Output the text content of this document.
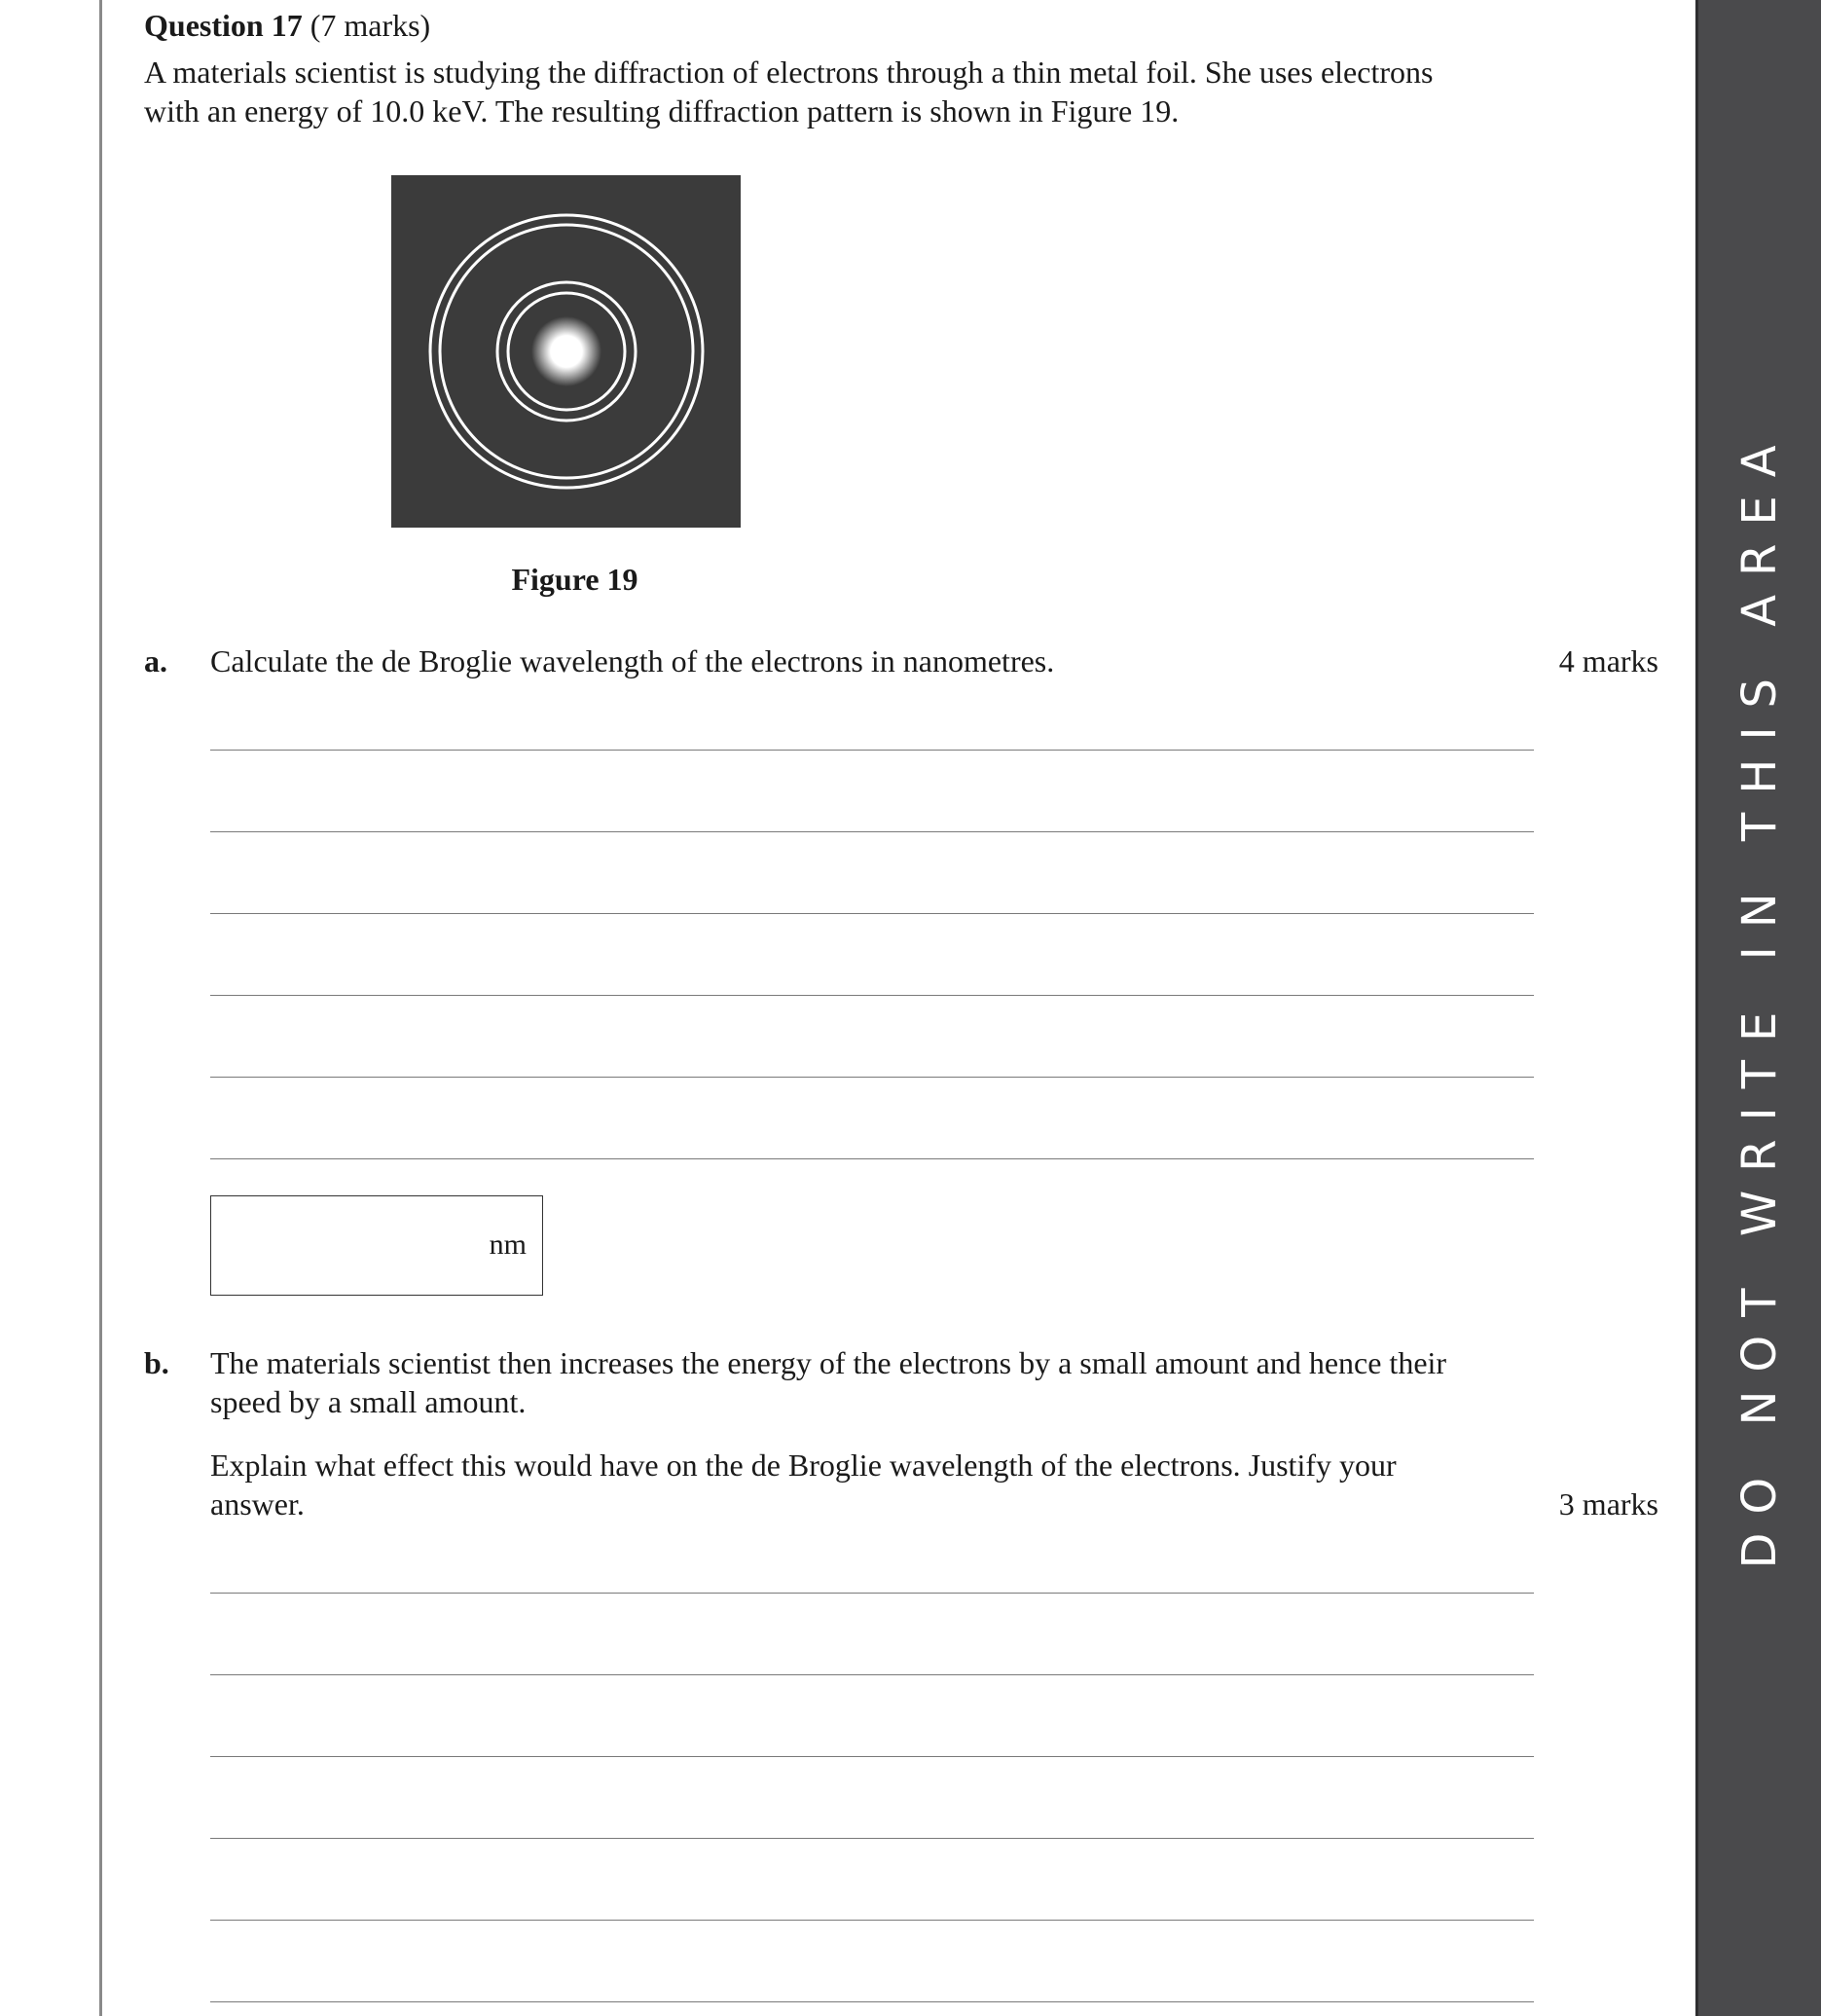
Question 17 (7 marks)

A materials scientist is studying the diffraction of electrons through a thin metal foil. She uses electrons

with an energy of 10.0 keV. The resulting diffraction pattern is shown in Figure 19.

Figure 19
a. Calculate the de Broglie wavelength of the electrons in nanometres.	4 marks
nm
b. The materials scientist then increases the energy of the electrons by a small amount and hence their

speed by a small amount.

Explain what effect this would have on the de Broglie wavelength of the electrons. Justify your

answer.	3 marks DO NOT WRITE IN THIS AREA
